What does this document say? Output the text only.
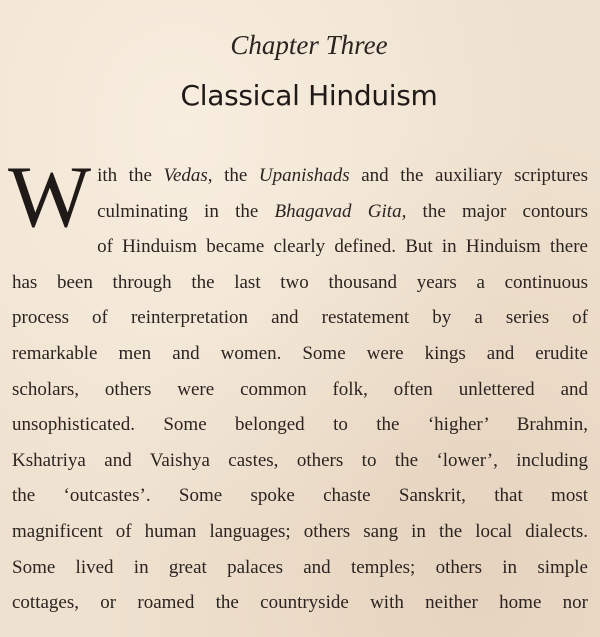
Chapter Three
Classical Hinduism
W ith the Vedas, the Upanishads and the auxiliary scriptures
culminating in the Bhagavad Gita, the major contours
of Hinduism became clearly defined. But in Hinduism there
has been through the last two thousand years a continuous
process of reinterpretation and restatement by a series of
remarkable men and women. Some were kings and erudite
scholars, others were common folk, often unlettered and
unsophisticated. Some belonged to the ‘higher’ Brahmin,
Kshatriya and Vaishya castes, others to the ‘lower’, including
the ‘outcastes’. Some spoke chaste Sanskrit, that most
magnificent of human languages; others sang in the local dialects.
Some lived in great palaces and temples; others in simple
cottages, or roamed the countryside with neither home nor
